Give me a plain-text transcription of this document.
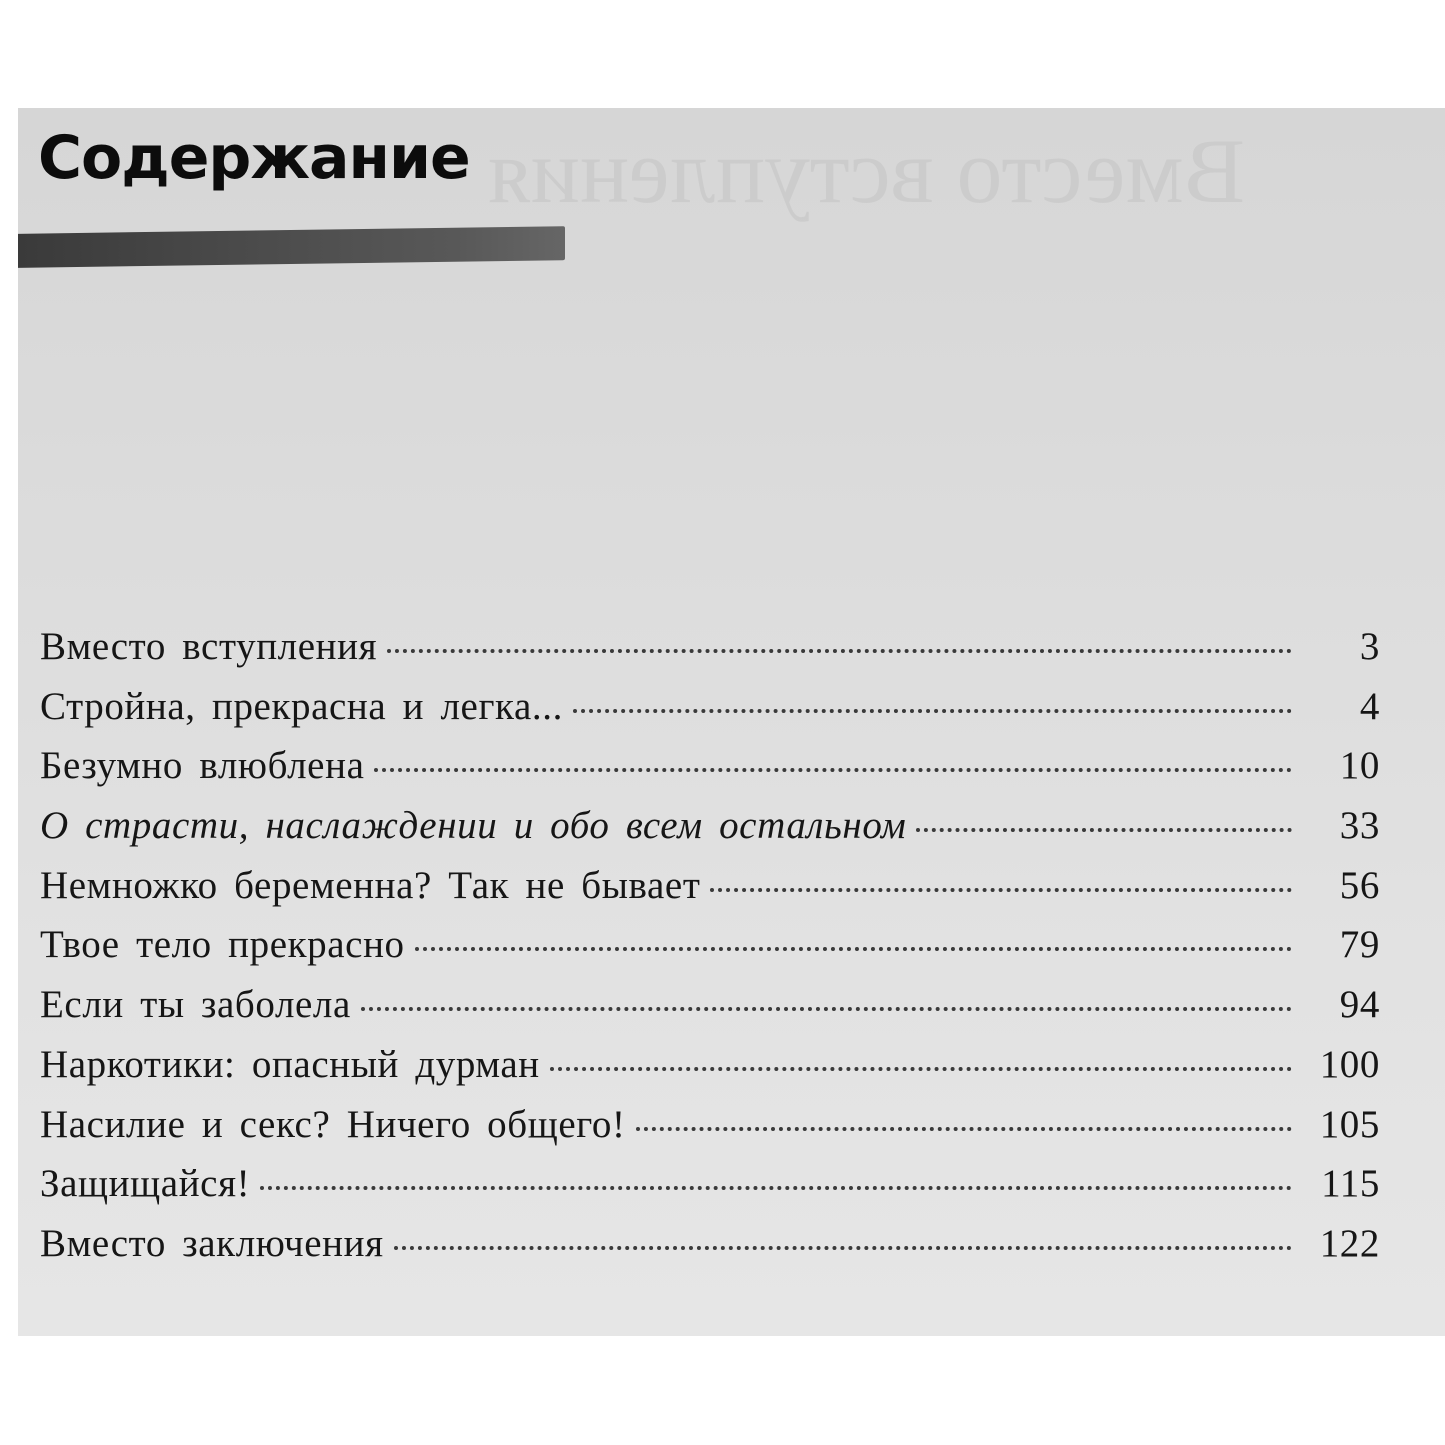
Содержание
Вместо вступления	3
Стройна, прекрасна и легка...	4
Безумно влюблена	10
О страсти, наслаждении и обо всем остальном	33
Немножко беременна? Так не бывает	56
Твое тело прекрасно	79
Если ты заболела	94
Наркотики: опасный дурман	100
Насилие и секс? Ничего общего!	105
Защищайся!	115
Вместо заключения	122
